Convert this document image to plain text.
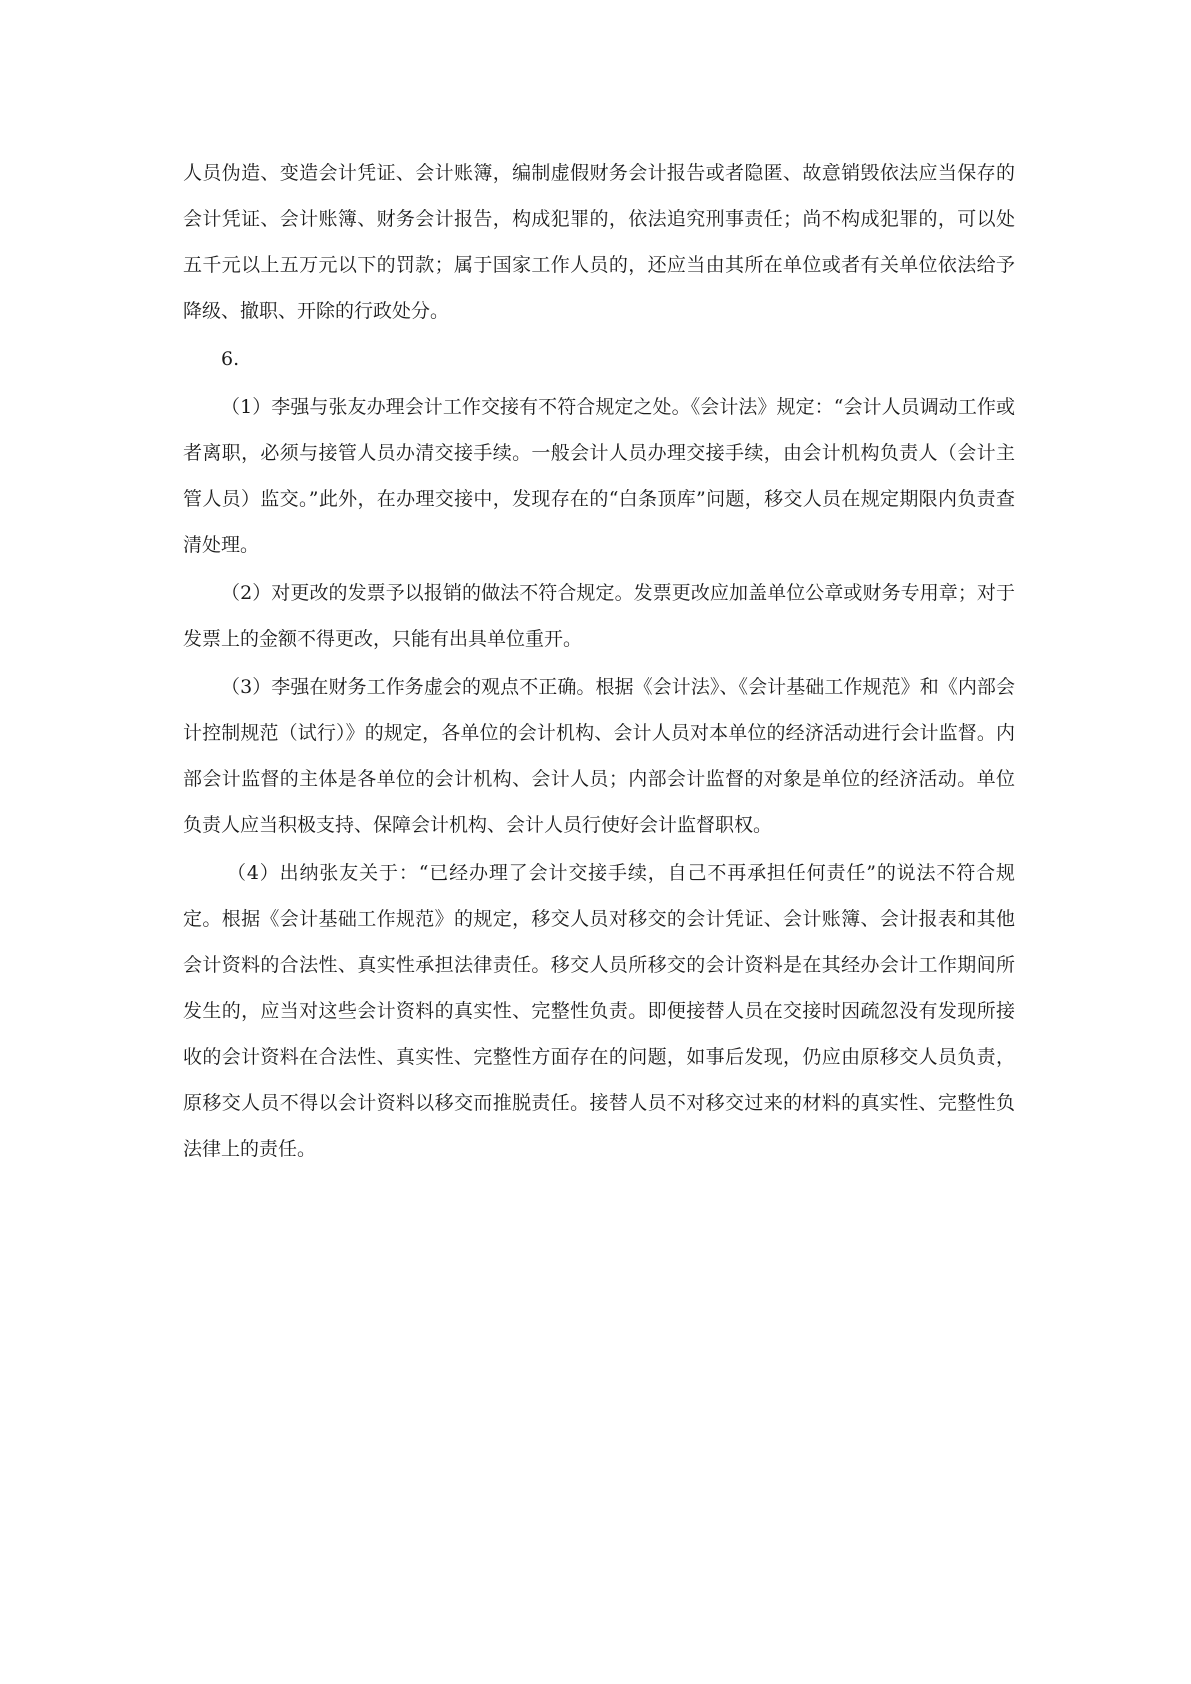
人员伪造、变造会计凭证、会计账簿，编制虚假财务会计报告或者隐匿、故意销毁依法应当保存的会计凭证、会计账簿、财务会计报告，构成犯罪的，依法追究刑事责任；尚不构成犯罪的，可以处五千元以上五万元以下的罚款；属于国家工作人员的，还应当由其所在单位或者有关单位依法给予降级、撤职、开除的行政处分。

6.

（1）李强与张友办理会计工作交接有不符合规定之处。《会计法》规定：“会计人员调动工作或者离职，必须与接管人员办清交接手续。一般会计人员办理交接手续，由会计机构负责人（会计主管人员）监交。”此外，在办理交接中，发现存在的“白条顶库”问题，移交人员在规定期限内负责查清处理。

（2）对更改的发票予以报销的做法不符合规定。发票更改应加盖单位公章或财务专用章；对于发票上的金额不得更改，只能有出具单位重开。

（3）李强在财务工作务虚会的观点不正确。根据《会计法》、《会计基础工作规范》和《内部会计控制规范（试行）》的规定，各单位的会计机构、会计人员对本单位的经济活动进行会计监督。内部会计监督的主体是各单位的会计机构、会计人员；内部会计监督的对象是单位的经济活动。单位负责人应当积极支持、保障会计机构、会计人员行使好会计监督职权。

（4）出纳张友关于：“已经办理了会计交接手续，自己不再承担任何责任”的说法不符合规定。根据《会计基础工作规范》的规定，移交人员对移交的会计凭证、会计账簿、会计报表和其他会计资料的合法性、真实性承担法律责任。移交人员所移交的会计资料是在其经办会计工作期间所发生的，应当对这些会计资料的真实性、完整性负责。即便接替人员在交接时因疏忽没有发现所接收的会计资料在合法性、真实性、完整性方面存在的问题，如事后发现，仍应由原移交人员负责，原移交人员不得以会计资料以移交而推脱责任。接替人员不对移交过来的材料的真实性、完整性负法律上的责任。
